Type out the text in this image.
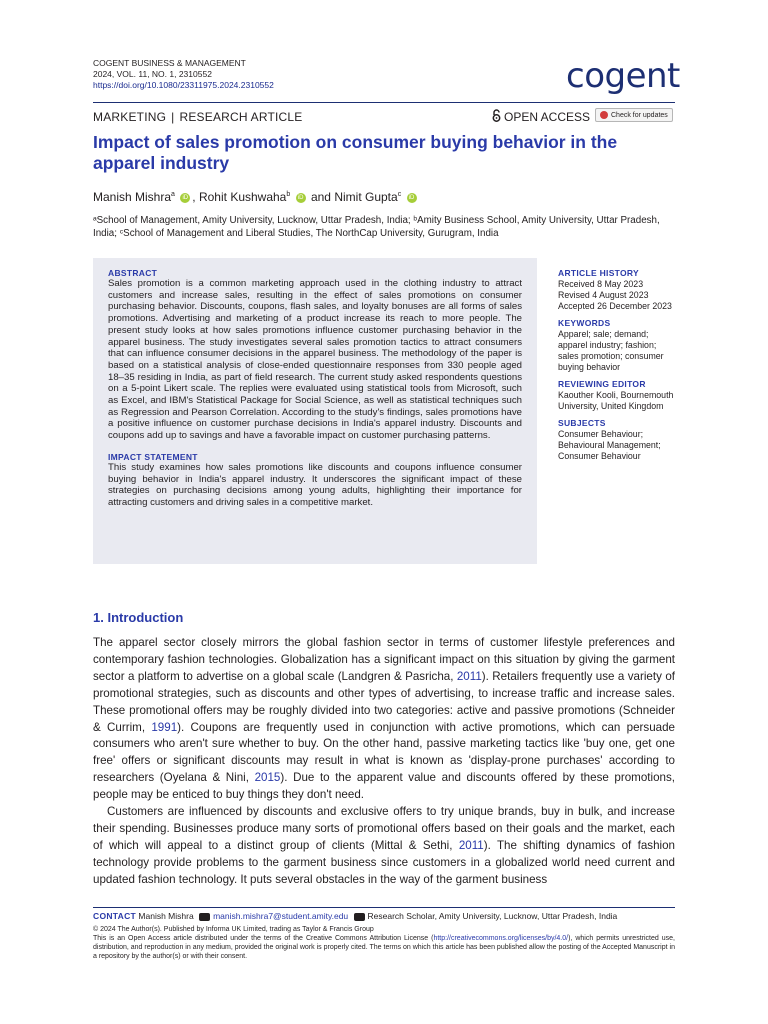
COGENT BUSINESS & MANAGEMENT
2024, VOL. 11, NO. 1, 2310552
https://doi.org/10.1080/23311975.2024.2310552	cogent
MARKETING | RESEARCH ARTICLE	OPEN ACCESS	Check for updates
Impact of sales promotion on consumer buying behavior in the apparel industry
Manish Mishra$^a$ iD , Rohit Kushwaha$^b$ iD and Nimit Gupta$^c$ iD
ᵃSchool of Management, Amity University, Lucknow, Uttar Pradesh, India; ᵇAmity Business School, Amity University, Uttar Pradesh, India; ᶜSchool of Management and Liberal Studies, The NorthCap University, Gurugram, India
ABSTRACT
Sales promotion is a common marketing approach used in the clothing industry to attract customers and increase sales, resulting in the effect of sales promotions on consumer purchasing behavior. Discounts, coupons, flash sales, and loyalty bonuses are all forms of sales promotions. Advertising and marketing of a product increase its reach to more people. The present study looks at how sales promotions influence customer purchasing behavior in the apparel business. The study investigates several sales promotion tactics to attract consumers that can influence consumer decisions in the apparel business. The methodology of the paper is based on a statistical analysis of close-ended questionnaire responses from 330 people aged 18–35 residing in India, as part of field research. The current study asked respondents questions on a 5-point Likert scale. The replies were evaluated using statistical tools from Microsoft, such as Excel, and IBM's Statistical Package for Social Science, as well as statistical techniques such as Regression and Pearson Correlation. According to the study's findings, sales promotions have a positive influence on customer purchase decisions in India's apparel industry. Discounts and coupons add up to savings and have a favorable impact on customer purchasing patterns.
IMPACT STATEMENT
This study examines how sales promotions like discounts and coupons influence consumer buying behavior in India's apparel industry. It underscores the significant impact of these strategies on purchasing decisions among young adults, highlighting their importance for attracting customers and driving sales in a competitive market.
ARTICLE HISTORY
Received 8 May 2023
Revised 4 August 2023
Accepted 26 December 2023
KEYWORDS
Apparel; sale; demand; apparel industry; fashion; sales promotion; consumer buying behavior
REVIEWING EDITOR
Kaouther Kooli, Bournemouth University, United Kingdom
SUBJECTS
Consumer Behaviour; Behavioural Management; Consumer Behaviour
1. Introduction

The apparel sector closely mirrors the global fashion sector in terms of customer lifestyle preferences and contemporary fashion technologies. Globalization has a significant impact on this situation by giving the garment sector a platform to advertise on a global scale (Landgren & Pasricha, 2011). Retailers frequently use a variety of promotional strategies, such as discounts and other types of advertising, to increase traffic and increase sales. These promotional offers may be roughly divided into two categories: active and passive promotions (Schneider & Currim, 1991). Coupons are frequently used in conjunction with active promotions, which can persuade consumers who aren't sure whether to buy. On the other hand, passive marketing tactics like 'buy one, get one free' offers or significant discounts may result in what is known as 'display-prone purchases' according to researchers (Oyelana & Nini, 2015). Due to the apparent value and discounts offered by these promotions, people may be enticed to buy things they don't need.

Customers are influenced by discounts and exclusive offers to try unique brands, buy in bulk, and increase their spending. Businesses produce many sorts of promotional offers based on their goals and the market, each of which will appeal to a distinct group of clients (Mittal & Sethi, 2011). The shifting dynamics of fashion technology provide problems to the garment business since customers in a globalized world need current and updated fashion technology. It puts several obstacles in the way of the garment business

CONTACT Manish Mishra manish.mishra7@student.amity.edu Research Scholar, Amity University, Lucknow, Uttar Pradesh, India
© 2024 The Author(s). Published by Informa UK Limited, trading as Taylor & Francis Group
This is an Open Access article distributed under the terms of the Creative Commons Attribution License (http://creativecommons.org/licenses/by/4.0/), which permits unrestricted use, distribution, and reproduction in any medium, provided the original work is properly cited. The terms on which this article has been published allow the posting of the Accepted Manuscript in a repository by the author(s) or with their consent.
